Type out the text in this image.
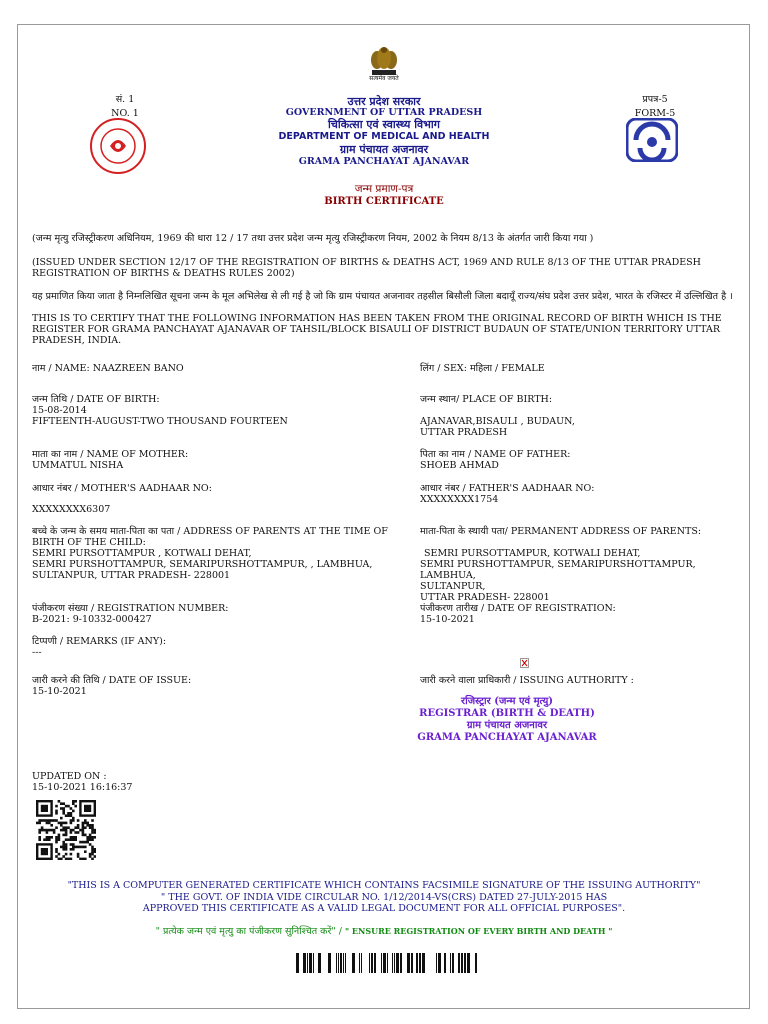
सत्यमेव जयते
सं. 1
NO. 1
प्रपत्र-5
FORM-5
उत्तर प्रदेश सरकार
GOVERNMENT OF UTTAR PRADESH
चिकित्सा एवं स्वास्थ्य विभाग
DEPARTMENT OF MEDICAL AND HEALTH
ग्राम पंचायत अजनावर
GRAMA PANCHAYAT AJANAVAR
जन्म प्रमाण-पत्र
BIRTH CERTIFICATE
(जन्म मृत्यु रजिस्ट्रीकरण अधिनियम, 1969 की धारा 12 / 17 तथा उत्तर प्रदेश जन्म मृत्यु रजिस्ट्रीकरण नियम, 2002 के नियम 8/13 के अंतर्गत जारी किया गया )
(ISSUED UNDER SECTION 12/17 OF THE REGISTRATION OF BIRTHS & DEATHS ACT, 1969 AND RULE 8/13 OF THE UTTAR PRADESH REGISTRATION OF BIRTHS & DEATHS RULES 2002)
यह प्रमाणित किया जाता है निम्नलिखित सूचना जन्म के मूल अभिलेख से ली गई है जो कि ग्राम पंचायत अजनावर तहसील बिसौली जिला बदायूँ राज्य/संघ प्रदेश उत्तर प्रदेश, भारत के रजिस्टर में उल्लिखित है ।
THIS IS TO CERTIFY THAT THE FOLLOWING INFORMATION HAS BEEN TAKEN FROM THE ORIGINAL RECORD OF BIRTH WHICH IS THE REGISTER FOR GRAMA PANCHAYAT AJANAVAR OF TAHSIL/BLOCK BISAULI OF DISTRICT BUDAUN OF STATE/UNION TERRITORY UTTAR PRADESH, INDIA.
नाम / NAME: NAAZREEN BANO	लिंग / SEX: महिला / FEMALE
जन्म तिथि / DATE OF BIRTH:
15-08-2014
FIFTEENTH-AUGUST-TWO THOUSAND FOURTEEN
जन्म स्थान/ PLACE OF BIRTH:
AJANAVAR,BISAULI , BUDAUN,
UTTAR PRADESH
माता का नाम / NAME OF MOTHER:
UMMATUL NISHA
पिता का नाम / NAME OF FATHER:
SHOEB AHMAD
आधार नंबर / MOTHER'S AADHAAR NO:
XXXXXXXX6307
आधार नंबर / FATHER'S AADHAAR NO:
XXXXXXXX1754
बच्चे के जन्म के समय माता-पिता का पता / ADDRESS OF PARENTS AT THE TIME OF BIRTH OF THE CHILD:
SEMRI PURSOTTAMPUR , KOTWALI DEHAT,
SEMRI PURSHOTTAMPUR, SEMARIPURSHOTTAMPUR, , LAMBHUA,
SULTANPUR, UTTAR PRADESH- 228001
माता-पिता के स्थायी पता/ PERMANENT ADDRESS OF PARENTS:
SEMRI PURSOTTAMPUR, KOTWALI DEHAT,
SEMRI PURSHOTTAMPUR, SEMARIPURSHOTTAMPUR, LAMBHUA,
SULTANPUR,
UTTAR PRADESH- 228001
पंजीकरण संख्या / REGISTRATION NUMBER:
B-2021: 9-10332-000427
पंजीकरण तारीख / DATE OF REGISTRATION:
15-10-2021
टिप्पणी / REMARKS (IF ANY):
---
जारी करने की तिथि / DATE OF ISSUE:
15-10-2021
जारी करने वाला प्राधिकारी / ISSUING AUTHORITY :
रजिस्ट्रार (जन्म एवं मृत्यु)
REGISTRAR (BIRTH & DEATH)
ग्राम पंचायत अजनावर
GRAMA PANCHAYAT AJANAVAR
UPDATED ON :
15-10-2021 16:16:37
"THIS IS A COMPUTER GENERATED CERTIFICATE WHICH CONTAINS FACSIMILE SIGNATURE OF THE ISSUING AUTHORITY"
" THE GOVT. OF INDIA VIDE CIRCULAR NO. 1/12/2014-VS(CRS) DATED 27-JULY-2015 HAS
APPROVED THIS CERTIFICATE AS A VALID LEGAL DOCUMENT FOR ALL OFFICIAL PURPOSES".
" प्रत्येक जन्म एवं मृत्यु का पंजीकरण सुनिश्चित करें" / " ENSURE REGISTRATION OF EVERY BIRTH AND DEATH "
